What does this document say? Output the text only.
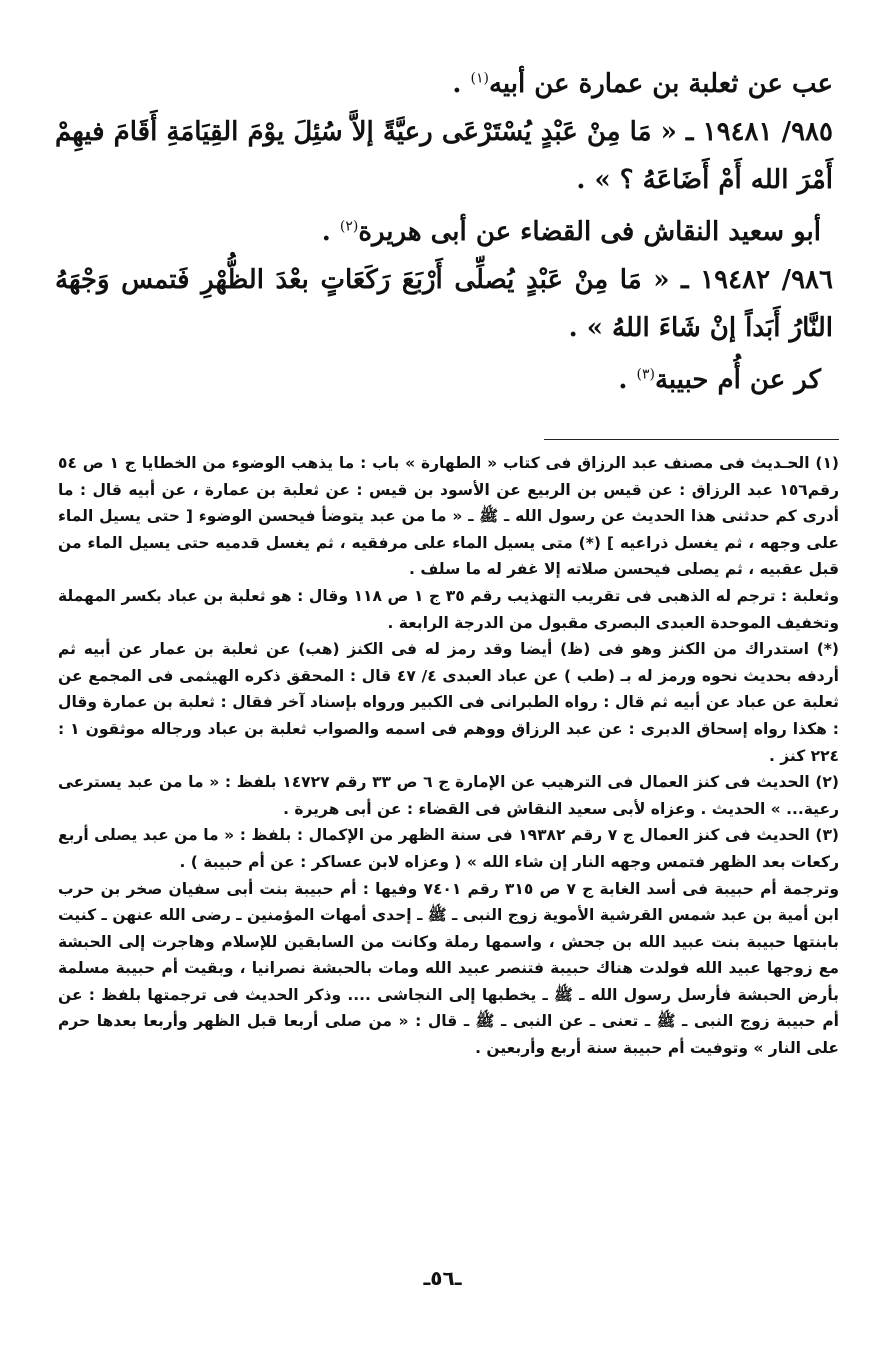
عب عن ثعلبة بن عمارة عن أبيه$^{(١)}$ .

٩٨٥/ ١٩٤٨١ ـ « مَا مِنْ عَبْدٍ يُسْتَرْعَى رعيَّةً إلاَّ سُئِلَ يوْمَ القِيَامَةِ أَقَامَ فيهِمْ أَمْرَ الله أَمْ أَضَاعَهُ ؟ » .

أبو سعيد النقاش فى القضاء عن أبى هريرة$^{(٢)}$ .

٩٨٦/ ١٩٤٨٢ ـ « مَا مِنْ عَبْدٍ يُصلِّى أَرْبَعَ رَكَعَاتٍ بعْدَ الظُّهْرِ فَتمس وَجْهَهُ النَّارُ أَبَداً إنْ شَاءَ اللهُ » .

كر عن أُم حبيبة$^{(٣)}$ .

(١) الحـديث فى مصنف عبد الرزاق فى كتاب « الطهارة » باب : ما يذهب الوضوء من الخطايا ج ١ ص ٥٤ رقم١٥٦ عبد الرزاق : عن قيس بن الربيع عن الأسود بن قيس : عن ثعلبة بن عمارة ، عن أبيه قال : ما أدرى كم حدثنى هذا الحديث عن رسول الله ـ ﷺ ـ « ما من عبد يتوضأ فيحسن الوضوء [ حتى يسيل الماء على وجهه ، ثم يغسل ذراعيه ] (*) متى يسيل الماء على مرفقيه ، ثم يغسل قدميه حتى يسيل الماء من قبل عقبيه ، ثم يصلى فيحسن صلاته إلا غفر له ما سلف .

وثعلبة : ترجم له الذهبى فى تقريب التهذيب رقم ٣٥ ج ١ ص ١١٨ وقال : هو ثعلبة بن عباد بكسر المهملة وتخفيف الموحدة العبدى البصرى مقبول من الدرجة الرابعة .

(*) استدراك من الكنز وهو فى (ظ) أيضا وقد رمز له فى الكنز (هب) عن ثعلبة بن عمار عن أبيه ثم أردفه بحديث نحوه ورمز له بـ (طب ) عن عباد العبدى ٤/ ٤٧ قال : المحقق ذكره الهيثمى فى المجمع عن ثعلبة عن عباد عن أبيه ثم قال : رواه الطبرانى فى الكبير ورواه بإسناد آخر فقال : ثعلبة بن عمارة وقال : هكذا رواه إسحاق الدبرى : عن عبد الرزاق ووهم فى اسمه والصواب ثعلبة بن عباد ورجاله موثقون ١ : ٢٢٤ كنز .

(٢) الحديث فى كنز العمال فى الترهيب عن الإمارة ج ٦ ص ٣٣ رقم ١٤٧٢٧ بلفظ : « ما من عبد يسترعى رعية... » الحديث . وعزاه لأبى سعيد النقاش فى القضاء : عن أبى هريرة .

(٣) الحديث فى كنز العمال ج ٧ رقم ١٩٣٨٢ فى سنة الظهر من الإكمال : بلفظ : « ما من عبد يصلى أربع ركعات بعد الظهر فتمس وجهه النار إن شاء الله » ( وعزاه لابن عساكر : عن أم حبيبة ) .

وترجمة أم حبيبة فى أسد الغابة ج ٧ ص ٣١٥ رقم ٧٤٠١ وفيها : أم حبيبة بنت أبى سفيان صخر بن حرب ابن أمية بن عبد شمس القرشية الأموية زوج النبى ـ ﷺ ـ إحدى أمهات المؤمنين ـ رضى الله عنهن ـ كنيت بابنتها حبيبة بنت عبيد الله بن جحش ، واسمها رملة وكانت من السابقين للإسلام وهاجرت إلى الحبشة مع زوجها عبيد الله فولدت هناك حبيبة فتنصر عبيد الله ومات بالحبشة نصرانيا ، وبقيت أم حبيبة مسلمة بأرض الحبشة فأرسل رسول الله ـ ﷺ ـ يخطبها إلى النجاشى .... وذكر الحديث فى ترجمتها بلفظ : عن أم حبيبة زوج النبى ـ ﷺ ـ تعنى ـ عن النبى ـ ﷺ ـ قال : « من صلى أربعا قبل الظهر وأربعا بعدها حرم على النار » وتوفيت أم حبيبة سنة أربع وأربعين .

ـ٥٦ـ
